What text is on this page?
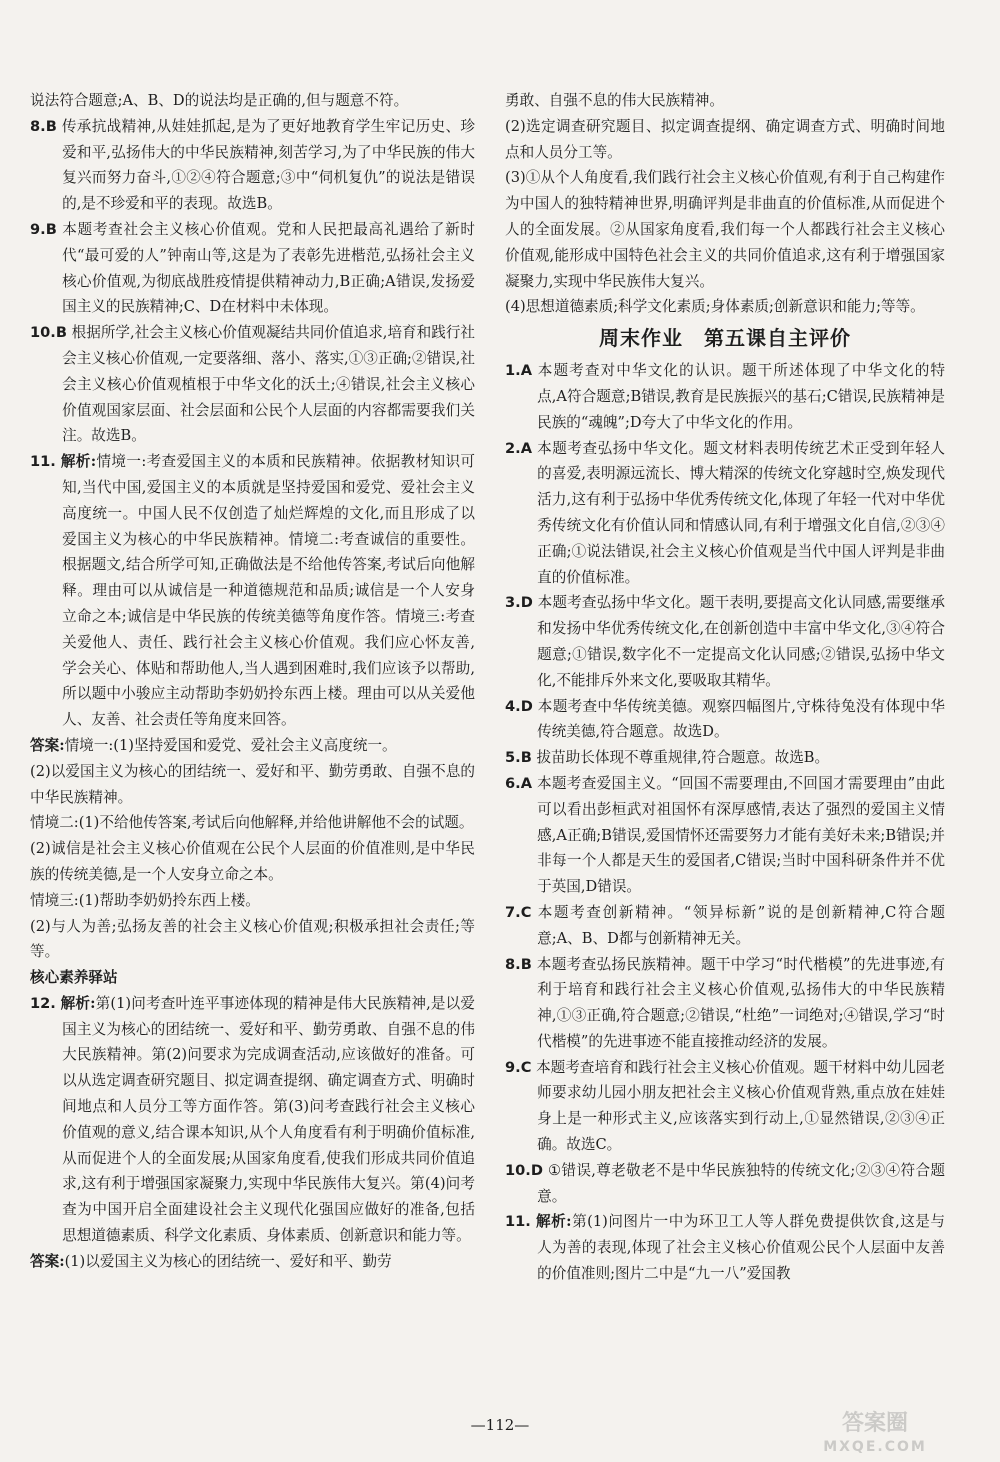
说法符合题意;A、B、D的说法均是正确的,但与题意不符。

8.B 传承抗战精神,从娃娃抓起,是为了更好地教育学生牢记历史、珍爱和平,弘扬伟大的中华民族精神,刻苦学习,为了中华民族的伟大复兴而努力奋斗,①②④符合题意;③中“伺机复仇”的说法是错误的,是不珍爱和平的表现。故选B。

9.B 本题考查社会主义核心价值观。党和人民把最高礼遇给了新时代“最可爱的人”钟南山等,这是为了表彰先进楷范,弘扬社会主义核心价值观,为彻底战胜疫情提供精神动力,B正确;A错误,发扬爱国主义的民族精神;C、D在材料中未体现。

10.B 根据所学,社会主义核心价值观凝结共同价值追求,培育和践行社会主义核心价值观,一定要落细、落小、落实,①③正确;②错误,社会主义核心价值观植根于中华文化的沃土;④错误,社会主义核心价值观国家层面、社会层面和公民个人层面的内容都需要我们关注。故选B。

11. 解析:情境一:考查爱国主义的本质和民族精神。依据教材知识可知,当代中国,爱国主义的本质就是坚持爱国和爱党、爱社会主义高度统一。中国人民不仅创造了灿烂辉煌的文化,而且形成了以爱国主义为核心的中华民族精神。情境二:考查诚信的重要性。根据题文,结合所学可知,正确做法是不给他传答案,考试后向他解释。理由可以从诚信是一种道德规范和品质;诚信是一个人安身立命之本;诚信是中华民族的传统美德等角度作答。情境三:考查关爱他人、责任、践行社会主义核心价值观。我们应心怀友善,学会关心、体贴和帮助他人,当人遇到困难时,我们应该予以帮助,所以题中小骏应主动帮助李奶奶拎东西上楼。理由可以从关爱他人、友善、社会责任等角度来回答。

答案:情境一:(1)坚持爱国和爱党、爱社会主义高度统一。

(2)以爱国主义为核心的团结统一、爱好和平、勤劳勇敢、自强不息的中华民族精神。

情境二:(1)不给他传答案,考试后向他解释,并给他讲解他不会的试题。

(2)诚信是社会主义核心价值观在公民个人层面的价值准则,是中华民族的传统美德,是一个人安身立命之本。

情境三:(1)帮助李奶奶拎东西上楼。

(2)与人为善;弘扬友善的社会主义核心价值观;积极承担社会责任;等等。

核心素养驿站

12. 解析:第(1)问考查叶连平事迹体现的精神是伟大民族精神,是以爱国主义为核心的团结统一、爱好和平、勤劳勇敢、自强不息的伟大民族精神。第(2)问要求为完成调查活动,应该做好的准备。可以从选定调查研究题目、拟定调查提纲、确定调查方式、明确时间地点和人员分工等方面作答。第(3)问考查践行社会主义核心价值观的意义,结合课本知识,从个人角度看有利于明确价值标准,从而促进个人的全面发展;从国家角度看,使我们形成共同价值追求,这有利于增强国家凝聚力,实现中华民族伟大复兴。第(4)问考查为中国开启全面建设社会主义现代化强国应做好的准备,包括思想道德素质、科学文化素质、身体素质、创新意识和能力等。

答案:(1)以爱国主义为核心的团结统一、爱好和平、勤劳

勇敢、自强不息的伟大民族精神。

(2)选定调查研究题目、拟定调查提纲、确定调查方式、明确时间地点和人员分工等。

(3)①从个人角度看,我们践行社会主义核心价值观,有利于自己构建作为中国人的独特精神世界,明确评判是非曲直的价值标准,从而促进个人的全面发展。②从国家角度看,我们每一个人都践行社会主义核心价值观,能形成中国特色社会主义的共同价值追求,这有利于增强国家凝聚力,实现中华民族伟大复兴。

(4)思想道德素质;科学文化素质;身体素质;创新意识和能力;等等。

周末作业　第五课自主评价

1.A 本题考查对中华文化的认识。题干所述体现了中华文化的特点,A符合题意;B错误,教育是民族振兴的基石;C错误,民族精神是民族的“魂魄”;D夸大了中华文化的作用。

2.A 本题考查弘扬中华文化。题文材料表明传统艺术正受到年轻人的喜爱,表明源远流长、博大精深的传统文化穿越时空,焕发现代活力,这有利于弘扬中华优秀传统文化,体现了年轻一代对中华优秀传统文化有价值认同和情感认同,有利于增强文化自信,②③④正确;①说法错误,社会主义核心价值观是当代中国人评判是非曲直的价值标准。

3.D 本题考查弘扬中华文化。题干表明,要提高文化认同感,需要继承和发扬中华优秀传统文化,在创新创造中丰富中华文化,③④符合题意;①错误,数字化不一定提高文化认同感;②错误,弘扬中华文化,不能排斥外来文化,要吸取其精华。

4.D 本题考查中华传统美德。观察四幅图片,守株待兔没有体现中华传统美德,符合题意。故选D。

5.B 拔苗助长体现不尊重规律,符合题意。故选B。

6.A 本题考查爱国主义。“回国不需要理由,不回国才需要理由”由此可以看出彭桓武对祖国怀有深厚感情,表达了强烈的爱国主义情感,A正确;B错误,爱国情怀还需要努力才能有美好未来;B错误;并非每一个人都是天生的爱国者,C错误;当时中国科研条件并不优于英国,D错误。

7.C 本题考查创新精神。“领异标新”说的是创新精神,C符合题意;A、B、D都与创新精神无关。

8.B 本题考查弘扬民族精神。题干中学习“时代楷模”的先进事迹,有利于培育和践行社会主义核心价值观,弘扬伟大的中华民族精神,①③正确,符合题意;②错误,“杜绝”一词绝对;④错误,学习“时代楷模”的先进事迹不能直接推动经济的发展。

9.C 本题考查培育和践行社会主义核心价值观。题干材料中幼儿园老师要求幼儿园小朋友把社会主义核心价值观背熟,重点放在娃娃身上是一种形式主义,应该落实到行动上,①显然错误,②③④正确。故选C。

10.D ①错误,尊老敬老不是中华民族独特的传统文化;②③④符合题意。

11. 解析:第(1)问图片一中为环卫工人等人群免费提供饮食,这是与人为善的表现,体现了社会主义核心价值观公民个人层面中友善的价值准则;图片二中是“九一八”爱国教

—112—	答案圈
MXQE.COM
